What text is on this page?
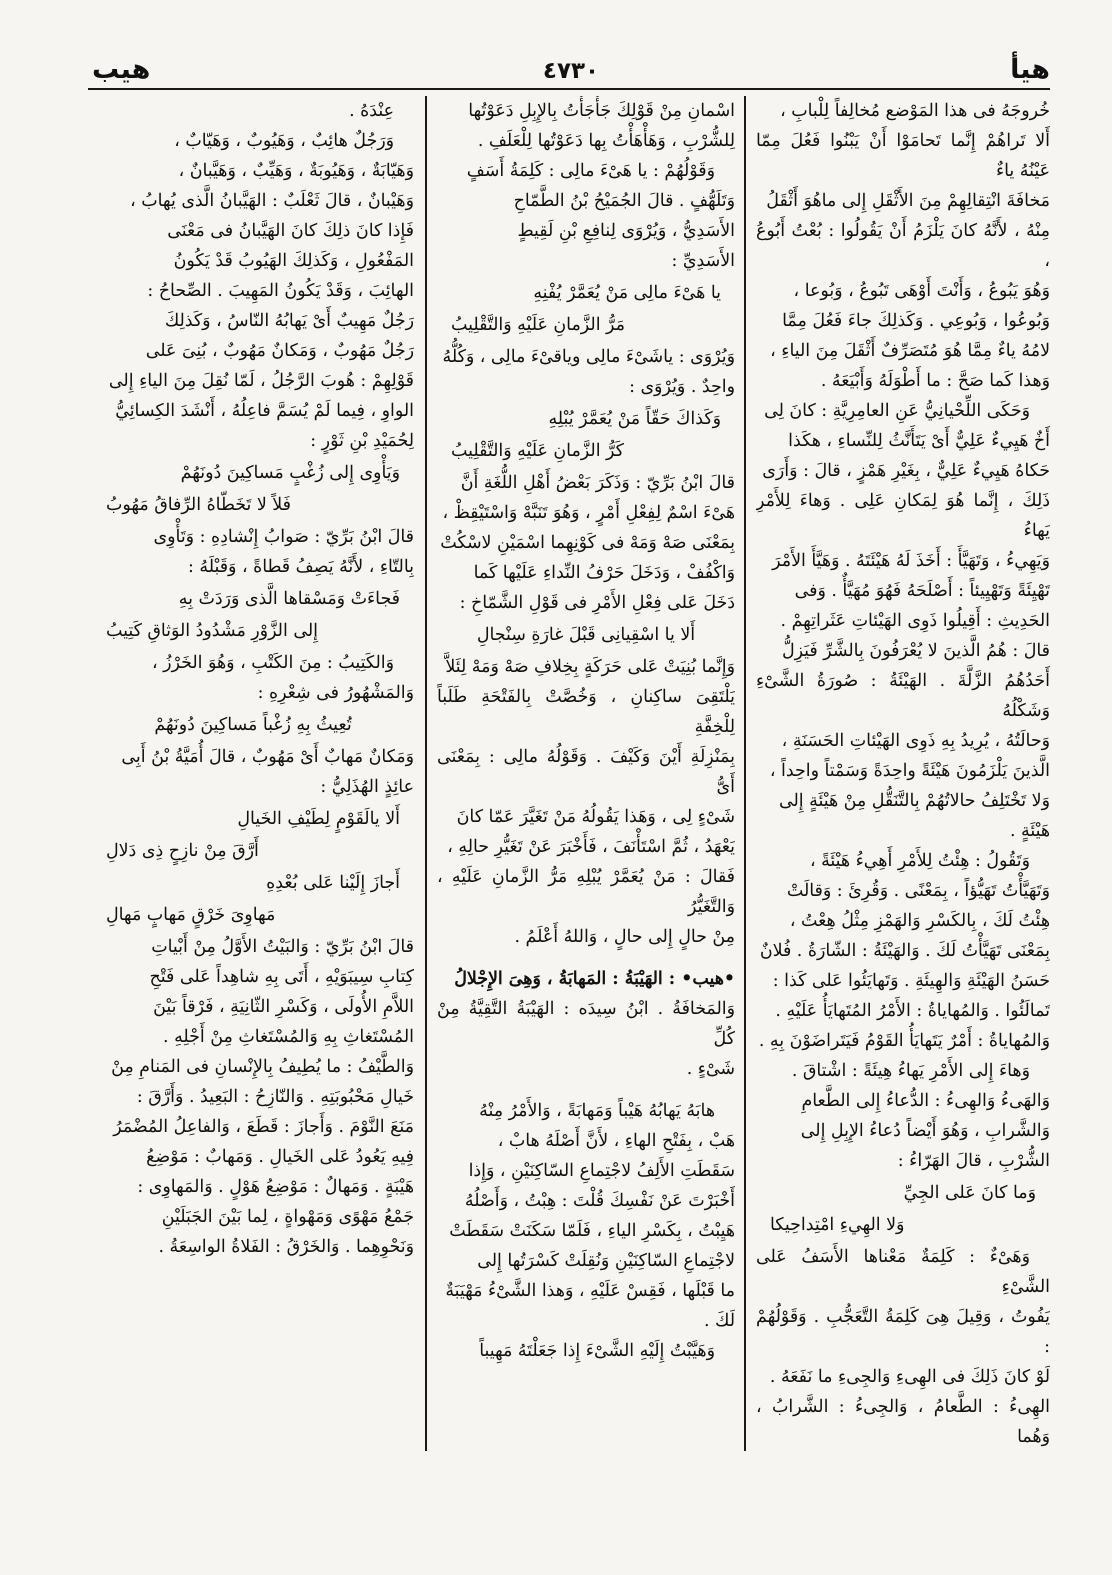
هيأ
٤٧٣٠
هيب

خُروجَهُ فى هذا المَوْضع مُخالِفاً لِلْبابِ ،

أَلا تَراهُمْ إِنَّما تَحامَوْا أَنْ يَبْنُوا فَعُلَ مِمّا عَيْنُهُ ياءٌ

مَخافَةَ انْتِقالِهِمْ مِنَ الأَثْقَلِ إِلى ماهُوَ أَثْقَلُ

مِنْهُ ، لأَنَّهُ كانَ يَلْزَمُ أَنْ يَقُولُوا : بُعْتُ أَبُوعُ ،

وَهُوَ يَبُوعُ ، وَأَنْتَ أَوْهَى تَبُوعُ ، وَبُوعا ،

وَبُوعُوا ، وَبُوعِي . وَكَذلِكَ جاءَ فَعُلَ مِمَّا

لامُهُ ياءٌ مِمَّا هُوَ مُتَصَرِّفٌ أَثْقَلَ مِنَ الياءِ ،

وَهذا كَما صَحَّ : ما أَطْوَلَهُ وَأَبْيَعَهُ .

وَحَكَى اللِّحْيانِيُّ عَنِ العامِرِيَّةِ : كانَ لِى

أَخٌ هَيِيءٌ عَلِيٌّ أَىْ يَتَأَنَّثُ لِلنِّساءِ ، هكَذا

حَكاهُ هَيِيءٌ عَلِيٌّ ، بِغَيْرِ هَمْزٍ ، قالَ : وَأَرَى

ذَلِكَ ، إِنَّما هُوَ لِمَكانِ عَلِى . وَهاءَ لِلأَمْرِ يَهاءُ

وَيَهِيءُ ، وَتَهَيَّأَ : أَخَذَ لَهُ هَيْئَتَهُ . وَهَيَّأَ الأَمْرَ

تَهْيِئَةً وَتَهْيِيئاً : أَصْلَحَهُ فَهُوَ مُهَيَّأٌ . وَفى

الحَدِيثِ : أَقِيلُوا ذَوِى الهَيْئاتِ عَثَراتِهِمْ .

قالَ : هُمُ الَّذينَ لا يُعْرَفُونَ بِالشَّرِّ فَيَزِلُّ

أَحَدُهُمُ الزَّلَّةَ . الهَيْئَةُ : صُورَةُ الشَّىْءِ وَشَكْلُهُ

وَحالَتُهُ ، يُرِيدُ بِهِ ذَوِى الهَيْئاتِ الحَسَنَةِ ،

الَّذينَ يَلْزَمُونَ هَيْئَةً واحِدَةً وَسَمْتاً واحِداً ،

وَلا تَخْتَلِفُ حالاتُهُمْ بِالتَّنَقُّلِ مِنْ هَيْئَةٍ إِلى

هَيْئَةٍ .

وَتَقُولُ : هِئْتُ لِلأَمْرِ أَهِيءُ هَيْئَةً ،

وَتَهَيَّأْتُ تَهَيُّؤاً ، بِمَعْنًى . وَقُرِئَ : وَقالَتْ

هِئْتُ لَكَ ، بِالكَسْرِ وَالهَمْزِ مِثْلُ هِعْتُ ،

بِمَعْنَى تَهَيَّأْتُ لَكَ . وَالهَيْئَةُ : الشّارَةُ . فُلانٌ

حَسَنُ الهَيْئَةِ وَالهِيئَةِ . وَتَهايَئُوا عَلى كَذا :

تَمالَئُوا . وَالمُهاياةُ : الأَمْرُ المُتَهايَأُ عَلَيْهِ .

وَالمُهاياةُ : أَمْرٌ يَتَهايَأُ القَوْمُ فَيَتَراضَوْنَ بِهِ .

وَهاءَ إِلى الأَمْرِ يَهاءُ هِيئَةً : اشْتاقَ .

وَالهَىءُ وَالهِىءُ : الدُّعاءُ إِلى الطَّعامِ

وَالشَّرابِ ، وَهُوَ أَيْضاً دُعاءُ الإِبِلِ إِلى

الشُّرْبِ ، قالَ الهَرّاءُ :

وَما كانَ عَلى الجِيِّ

وَلا الهِيءِ امْتِداحِيكا

وَهَىْءٌ : كَلِمَةٌ مَعْناها الأَسَفُ عَلى الشَّىْءِ

يَفُوتُ ، وَقِيلَ هِىَ كَلِمَةُ التَّعَجُّبِ . وَقَوْلُهُمْ :

لَوْ كانَ ذَلِكَ فى الهِىءِ وَالجِىءِ ما نَفَعَهُ .

الهِىءُ : الطَّعامُ ، وَالجِىءُ : الشَّرابُ ، وَهُما

اسْمانِ مِنْ قَوْلِكَ جَأْجَأْتُ بِالإِبِلِ دَعَوْتُها

لِلشُّرْبِ ، وَهَأْهَأْتُ بِها دَعَوْتُها لِلْعَلَفِ .

وَقَوْلُهُمْ : يا هَىْءَ مالِى : كَلِمَةُ أَسَفٍ

وَتَلَهُّفٍ . قالَ الجُمَيْحُ بْنُ الطَّمّاحِ

الأَسَدِيُّ ، وَيُرْوَى لِنافِعِ بْنِ لَقِيطٍ

الأَسَدِيِّ :

يا هَىْءَ مالِى مَنْ يُعَمَّرْ يُفْنِهِ

مَرُّ الزَّمانِ عَلَيْهِ وَالتَّقْلِيبُ

وَيُرْوَى : ياشَىْءَ مالِى وياقىْءَ مالِى ، وَكُلُّهُ

واحِدٌ . وَيُرْوَى :

وَكَذاكَ حَقّاً مَنْ يُعَمَّرْ يُبْلِهِ

كَرُّ الزَّمانِ عَلَيْهِ وَالتَّقْلِيبُ

قالَ ابْنُ بَرِّيّ : وَذَكَرَ بَعْضُ أَهْلِ اللُّغَةِ أَنَّ

هَىْءَ اسْمٌ لِفِعْلِ أَمْرٍ ، وَهُوَ تَنَبَّهْ وَاسْتَيْقِظْ ،

بِمَعْنَى صَهْ وَمَهْ فى كَوْنِهِما اسْمَيْنِ لاسْكُتْ

وَاكْفُفْ ، وَدَخَلَ حَرْفُ النِّداءِ عَلَيْها كَما

دَخَلَ عَلى فِعْلِ الأَمْرِ فى قَوْلِ الشَّمّاخِ :

أَلا يا اسْقِيانِى قَبْلَ غارَةِ سِنْجالِ

وَإِنَّما بُنِيَتْ عَلى حَرَكَةٍ بِخِلافِ صَهْ وَمَهْ لِئَلاَّ

يَلْتَقِىَ ساكِنانِ ، وَخُصَّتْ بِالفَتْحَةِ طَلَباً لِلْخِفَّةِ

بِمَنْزِلَةِ أَيْنَ وَكَيْفَ . وَقَوْلُهُ مالِى : بِمَعْنَى أَىُّ

شَىْءٍ لِى ، وَهَذا يَقُولُهُ مَنْ تَغَيَّرَ عَمّا كانَ

يَعْهَدُ ، ثُمَّ اسْتَأْنَفَ ، فَأَخْبَرَ عَنْ تَغَيُّرِ حالِهِ ،

فَقالَ : مَنْ يُعَمَّرْ يُبْلِهِ مَرُّ الزَّمانِ عَلَيْهِ ، وَالتَّغَيُّرُ

مِنْ حالٍ إِلى حالٍ ، وَاللهُ أَعْلَمُ .

•هيب• : الهَيْبَةُ : المَهابَةُ ، وَهِىَ الإِجْلالُ

وَالمَخافَةُ . ابْنُ سِيدَه : الهَيْبَةُ التَّقِيَّةُ مِنْ كُلِّ

شَىْءٍ .

هابَهُ يَهابُهُ هَيْباً وَمَهابَةً ، وَالأَمْرُ مِنْهُ

هَبْ ، بِفَتْحِ الهاءِ ، لأَنَّ أَصْلَهُ هابْ ،

سَقَطَتِ الأَلِفُ لاجْتِماعِ السّاكِنَيْنِ ، وَإِذا

أَخْبَرْتَ عَنْ نَفْسِكَ قُلْتَ : هِبْتُ ، وَأَصْلُهُ

هَيِبْتُ ، بِكَسْرِ الياءِ ، فَلَمّا سَكَنَتْ سَقَطَتْ

لاجْتِماعِ السّاكِنَيْنِ وَنُقِلَتْ كَسْرَتُها إِلى

ما قَبْلَها ، فَقِسْ عَلَيْهِ ، وَهذا الشَّىْءُ مَهْيَبَةٌ

لَكَ .

وَهَيَّبْتُ إِلَيْهِ الشَّىْءَ إِذا جَعَلْتَهُ مَهِيباً

عِنْدَهُ .

وَرَجُلٌ هائِبٌ ، وَهَيُوبٌ ، وَهَيّابٌ ،

وَهَيّابَةٌ ، وَهَيُوبَةٌ ، وَهَيِّبٌ ، وَهَيَّبانٌ ،

وَهَيْبانٌ ، قالَ ثَعْلَبٌ : الهَيَّبانُ الَّذى يُهابُ ،

فَإِذا كانَ ذلِكَ كانَ الهَيَّبانُ فى مَعْنَى

المَفْعُولِ ، وَكَذلِكَ الهَيُوبُ قَدْ يَكُونُ

الهائِبَ ، وَقَدْ يَكُونُ المَهِيبَ . الصِّحاحُ :

رَجُلٌ مَهِيبٌ أَىْ يَهابُهُ النّاسُ ، وَكَذلِكَ

رَجُلٌ مَهُوبٌ ، وَمَكانٌ مَهُوبٌ ، بُنِىَ عَلى

قَوْلِهِمْ : هُوبَ الرَّجُلُ ، لَمّا نُقِلَ مِنَ الياءِ إِلى

الواوِ ، فِيما لَمْ يُسَمَّ فاعِلُهُ ، أَنْشَدَ الكِسائِيُّ

لِحُمَيْدِ بْنِ ثَوْرٍ :

وَيَأْوِى إِلى زُغْبٍ مَساكِينَ دُونَهُمْ

فَلاً لا تَخَطّاهُ الرِّفاقُ مَهُوبُ

قالَ ابْنُ بَرِّيّ : صَوابُ إِنْشادِهِ : وَتَأْوِى

بِالتّاءِ ، لأَنَّهُ يَصِفُ قَطاةً ، وَقَبْلَهُ :

فَجاءَتْ وَمَسْقاها الَّذى وَرَدَتْ بِهِ

إِلى الزَّوْرِ مَشْدُودُ الوَثاقِ كَتِيبُ

وَالكَتِيبُ : مِنَ الكَتْبِ ، وَهُوَ الخَرْزُ ،

وَالمَشْهُورُ فى شِعْرِهِ :

تُعِيثُ بِهِ زُغْباً مَساكِينَ دُونَهُمْ

وَمَكانٌ مَهابٌ أَىْ مَهُوبٌ ، قالَ أُمَيَّةُ بْنُ أَبِى

عائِذٍ الهُذَلِيُّ :

أَلا يالَقَوْمٍ لِطَيْفِ الخَيالِ

أَرَّقَ مِنْ نازِحٍ ذِى دَلالِ

أَجازَ إِلَيْنا عَلى بُعْدِهِ

مَهاوِىَ خَرْقٍ مَهابٍ مَهالِ

قالَ ابْنُ بَرِّيّ : وَالبَيْتُ الأَوَّلُ مِنْ أَبْياتِ

كِتابِ سِيبَوَيْهِ ، أَتَى بِهِ شاهِداً عَلى فَتْحِ

اللاَّمِ الأُولَى ، وَكَسْرِ الثّانِيَةِ ، فَرْقاً بَيْنَ

المُسْتَغاثِ بِهِ وَالمُسْتَغاثِ مِنْ أَجْلِهِ .

وَالطَّيْفُ : ما يُطِيفُ بِالإِنْسانِ فى المَنامِ مِنْ

خَيالِ مَحْبُوبَتِهِ . وَالنّازِحُ : البَعِيدُ . وَأَرَّقَ :

مَنَعَ النَّوْمَ . وَأَجازَ : قَطَعَ ، وَالفاعِلُ المُضْمَرُ

فِيهِ يَعُودُ عَلى الخَيالِ . وَمَهابٌ : مَوْضِعُ

هَيْبَةٍ . وَمَهالٌ : مَوْضِعُ هَوْلٍ . وَالمَهاوِى :

جَمْعُ مَهْوًى وَمَهْواةٍ ، لِما بَيْنَ الجَبَلَيْنِ

وَنَحْوِهِما . وَالخَرْقُ : الفَلاةُ الواسِعَةُ .
